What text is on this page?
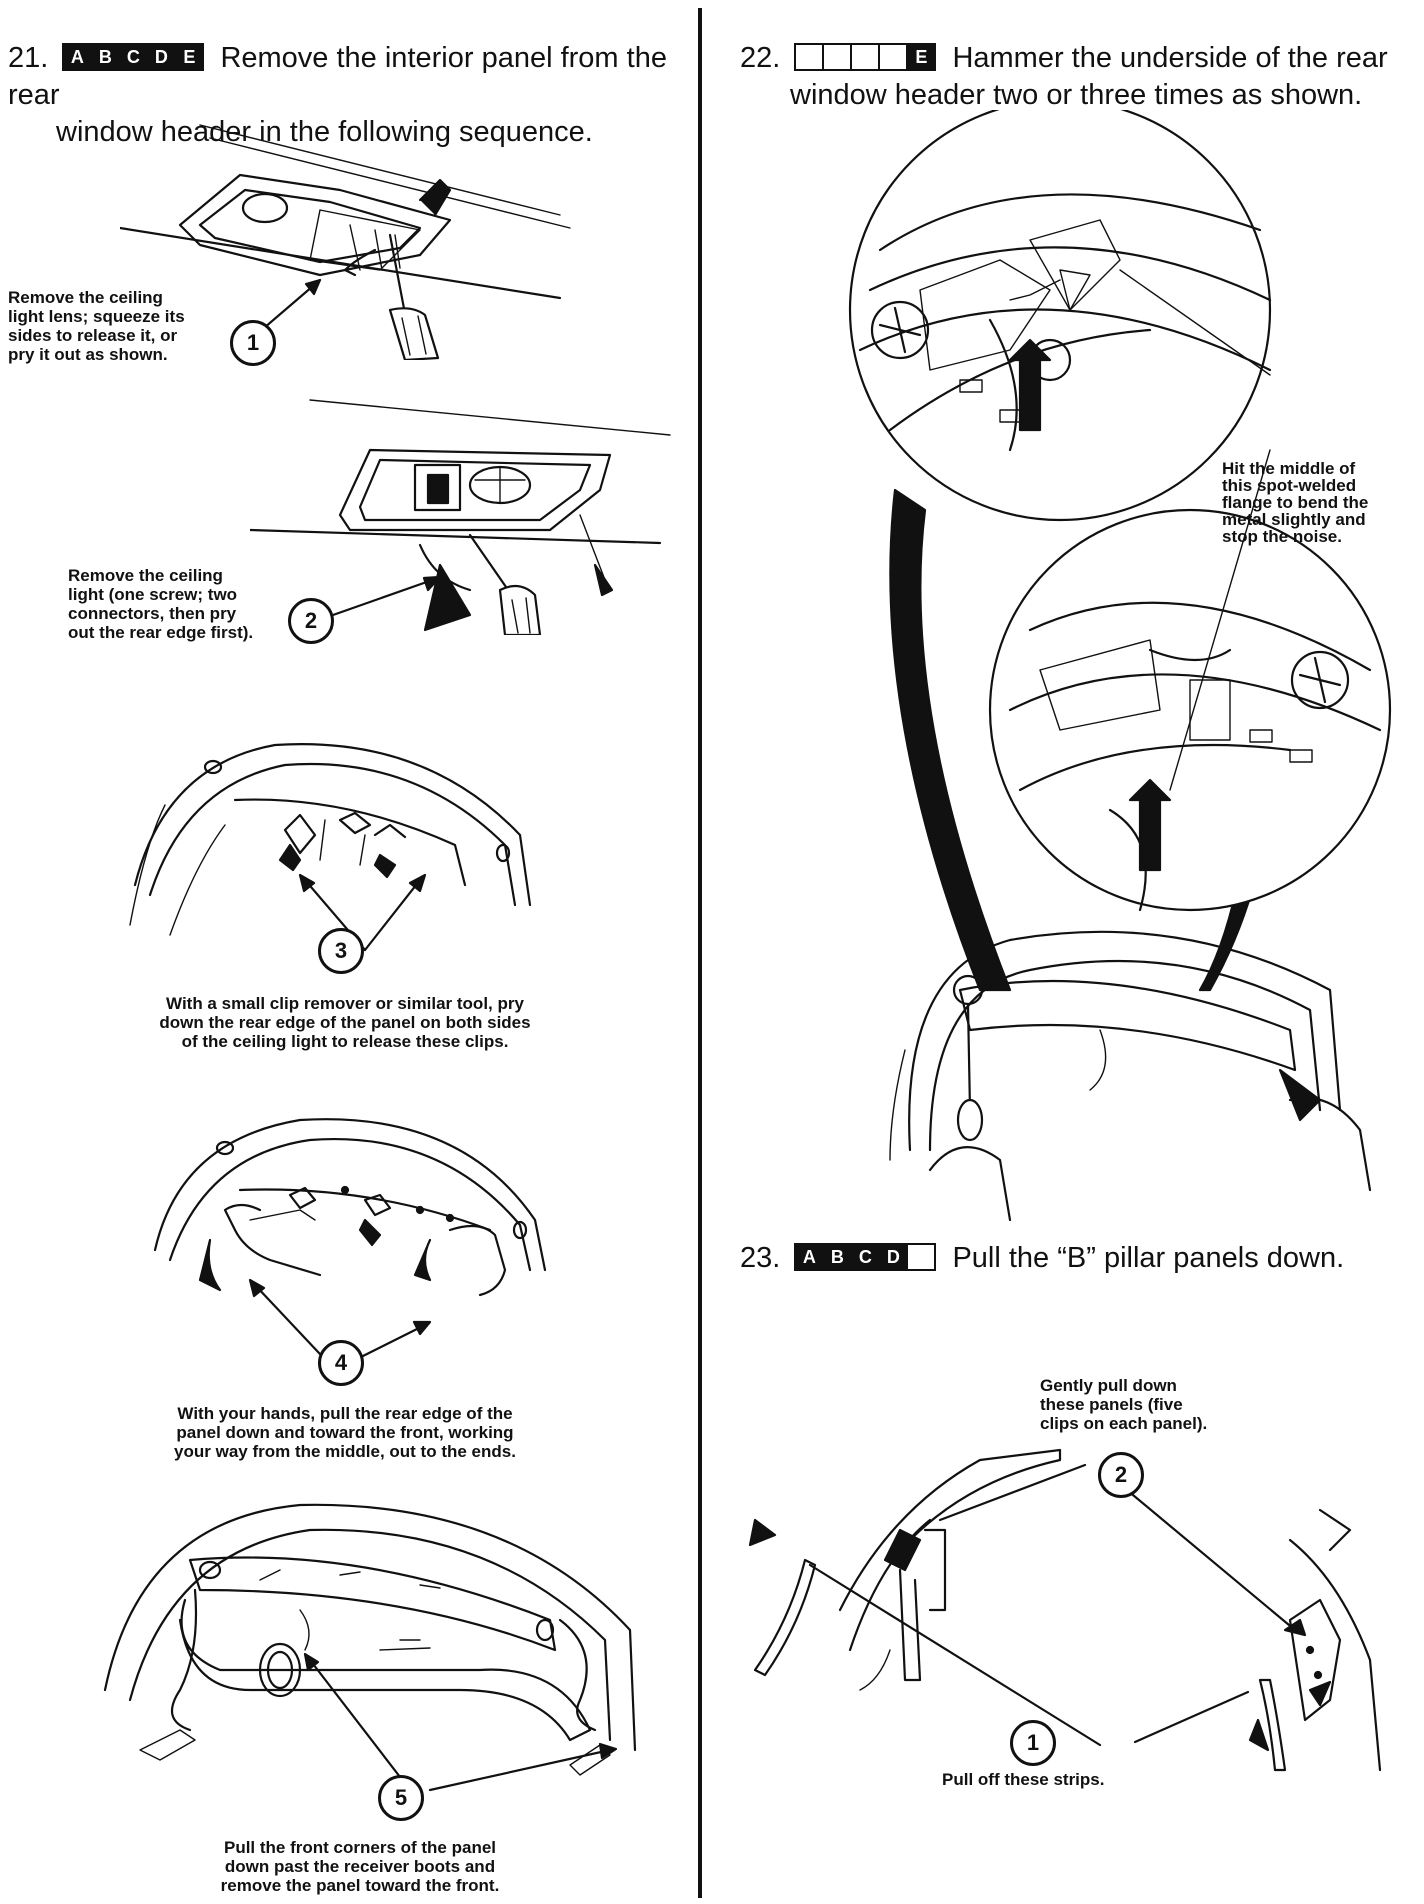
21.	A B C D E Remove the interior panel from the rear
window header in the following sequence.
1
Remove the ceiling
light lens; squeeze its
sides to release it, or
pry it out as shown.
2
Remove the ceiling
light (one screw; two
connectors, then pry
out the rear edge first).
3
With a small clip remover or similar tool, pry
down the rear edge of the panel on both sides
of the ceiling light to release these clips.
4
With your hands, pull the rear edge of the
panel down and toward the front, working
your way from the middle, out to the ends.
5
Pull the front corners of the panel
down past the receiver boots and
remove the panel toward the front.
22.	E Hammer the underside of the rear
window header two or three times as shown.
Hit the middle of
this spot-welded
flange to bend the
metal slightly and
stop the noise.
23.	A B C D Pull the “B” pillar panels down.
Gently pull down
these panels (five
clips on each panel).
2
1
Pull off these strips.
